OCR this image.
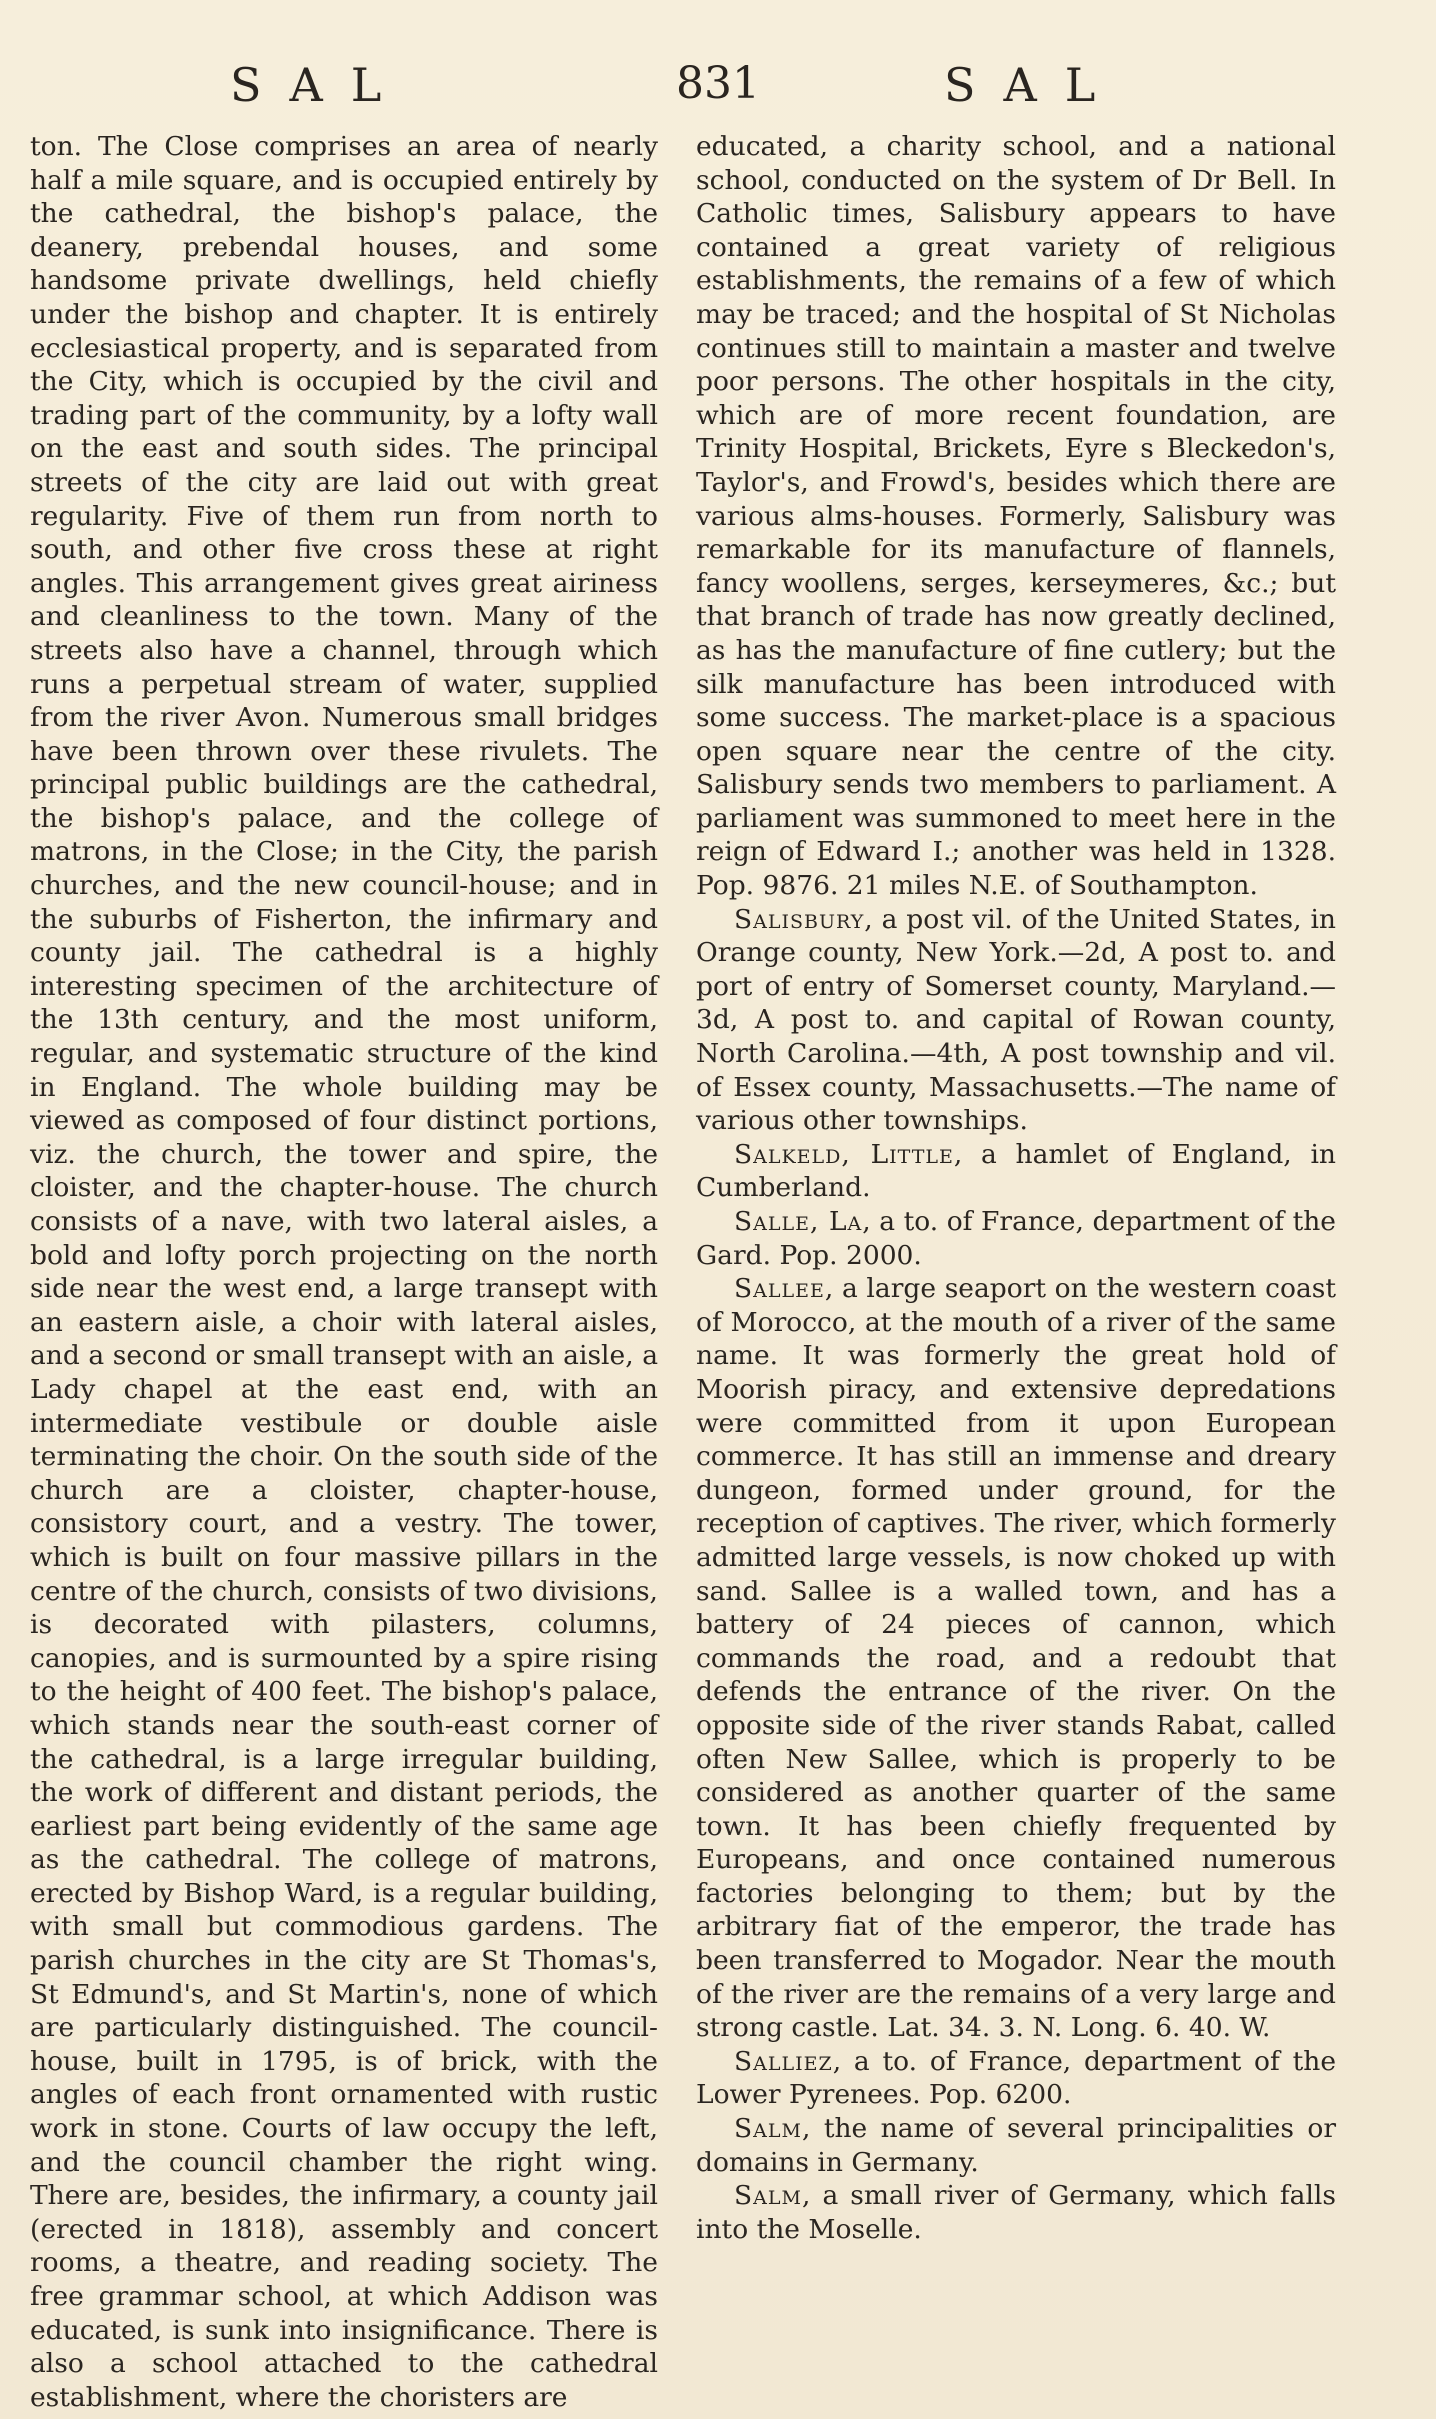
SAL	831	SAL

ton. The Close comprises an area of nearly half a mile square, and is occupied entirely by the cathedral, the bishop's palace, the deanery, prebendal houses, and some handsome private dwellings, held chiefly under the bishop and chapter. It is entirely ecclesiastical property, and is separated from the City, which is occupied by the civil and trading part of the community, by a lofty wall on the east and south sides. The principal streets of the city are laid out with great regularity. Five of them run from north to south, and other five cross these at right angles. This arrangement gives great airiness and cleanliness to the town. Many of the streets also have a channel, through which runs a perpetual stream of water, supplied from the river Avon. Numerous small bridges have been thrown over these rivulets. The principal public buildings are the cathedral, the bishop's palace, and the college of matrons, in the Close; in the City, the parish churches, and the new council-house; and in the suburbs of Fisherton, the infirmary and county jail. The cathedral is a highly interesting specimen of the architecture of the 13th century, and the most uniform, regular, and systematic structure of the kind in England. The whole building may be viewed as composed of four distinct portions, viz. the church, the tower and spire, the cloister, and the chapter-house. The church consists of a nave, with two lateral aisles, a bold and lofty porch projecting on the north side near the west end, a large transept with an eastern aisle, a choir with lateral aisles, and a second or small transept with an aisle, a Lady chapel at the east end, with an intermediate vestibule or double aisle terminating the choir. On the south side of the church are a cloister, chapter-house, consistory court, and a vestry. The tower, which is built on four massive pillars in the centre of the church, consists of two divisions, is decorated with pilasters, columns, canopies, and is surmounted by a spire rising to the height of 400 feet. The bishop's palace, which stands near the south-east corner of the cathedral, is a large irregular building, the work of different and distant periods, the earliest part being evidently of the same age as the cathedral. The college of matrons, erected by Bishop Ward, is a regular building, with small but commodious gardens. The parish churches in the city are St Thomas's, St Edmund's, and St Martin's, none of which are particularly distinguished. The council-house, built in 1795, is of brick, with the angles of each front ornamented with rustic work in stone. Courts of law occupy the left, and the council chamber the right wing. There are, besides, the infirmary, a county jail (erected in 1818), assembly and concert rooms, a theatre, and reading society. The free grammar school, at which Addison was educated, is sunk into insignificance. There is also a school attached to the cathedral establishment, where the choristers are

educated, a charity school, and a national school, conducted on the system of Dr Bell. In Catholic times, Salisbury appears to have contained a great variety of religious establishments, the remains of a few of which may be traced; and the hospital of St Nicholas continues still to maintain a master and twelve poor persons. The other hospitals in the city, which are of more recent foundation, are Trinity Hospital, Brickets, Eyre s Bleckedon's, Taylor's, and Frowd's, besides which there are various alms-houses. Formerly, Salisbury was remarkable for its manufacture of flannels, fancy woollens, serges, kerseymeres, &c.; but that branch of trade has now greatly declined, as has the manufacture of fine cutlery; but the silk manufacture has been introduced with some success. The market-place is a spacious open square near the centre of the city. Salisbury sends two members to parliament. A parliament was summoned to meet here in the reign of Edward I.; another was held in 1328. Pop. 9876. 21 miles N.E. of Southampton.

Salisbury, a post vil. of the United States, in Orange county, New York.—2d, A post to. and port of entry of Somerset county, Maryland.—3d, A post to. and capital of Rowan county, North Carolina.—4th, A post township and vil. of Essex county, Massachusetts.—The name of various other townships.

Salkeld, Little, a hamlet of England, in Cumberland.

Salle, La, a to. of France, department of the Gard. Pop. 2000.

Sallee, a large seaport on the western coast of Morocco, at the mouth of a river of the same name. It was formerly the great hold of Moorish piracy, and extensive depredations were committed from it upon European commerce. It has still an immense and dreary dungeon, formed under ground, for the reception of captives. The river, which formerly admitted large vessels, is now choked up with sand. Sallee is a walled town, and has a battery of 24 pieces of cannon, which commands the road, and a redoubt that defends the entrance of the river. On the opposite side of the river stands Rabat, called often New Sallee, which is properly to be considered as another quarter of the same town. It has been chiefly frequented by Europeans, and once contained numerous factories belonging to them; but by the arbitrary fiat of the emperor, the trade has been transferred to Mogador. Near the mouth of the river are the remains of a very large and strong castle. Lat. 34. 3. N. Long. 6. 40. W.

Salliez, a to. of France, department of the Lower Pyrenees. Pop. 6200.

Salm, the name of several principalities or domains in Germany.

Salm, a small river of Germany, which falls into the Moselle.
